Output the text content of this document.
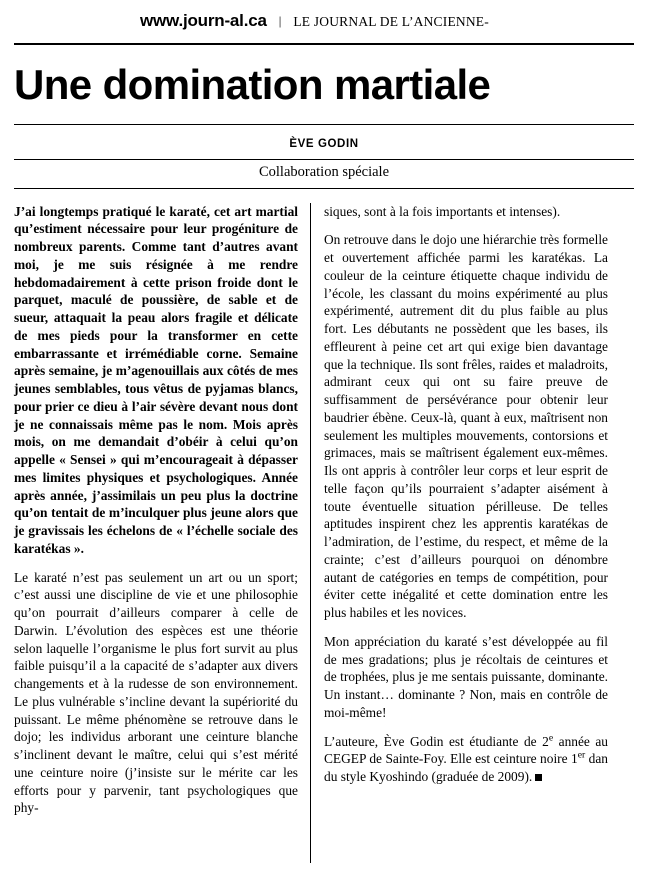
www.journ-al.ca | LE JOURNAL DE L’ANCIENNE-
Une domination martiale
ÈVE GODIN
Collaboration spéciale

J’ai longtemps pratiqué le karaté, cet art martial qu’estiment nécessaire pour leur progéniture de nombreux parents. Comme tant d’autres avant moi, je me suis résignée à me rendre hebdomadairement à cette prison froide dont le parquet, maculé de poussière, de sable et de sueur, attaquait la peau alors fragile et délicate de mes pieds pour la transformer en cette embarrassante et irrémédiable corne. Semaine après semaine, je m’agenouillais aux côtés de mes jeunes semblables, tous vêtus de pyjamas blancs, pour prier ce dieu à l’air sévère devant nous dont je ne connaissais même pas le nom. Mois après mois, on me demandait d’obéir à celui qu’on appelle « Sensei » qui m’encourageait à dépasser mes limites physiques et psychologiques. Année après année, j’assimilais un peu plus la doctrine qu’on tentait de m’inculquer plus jeune alors que je gravissais les échelons de « l’échelle sociale des karatékas ».

Le karaté n’est pas seulement un art ou un sport; c’est aussi une discipline de vie et une philosophie qu’on pourrait d’ailleurs comparer à celle de Darwin. L’évolution des espèces est une théorie selon laquelle l’organisme le plus fort survit au plus faible puisqu’il a la capacité de s’adapter aux divers changements et à la rudesse de son environnement. Le plus vulnérable s’incline devant la supériorité du puissant. Le même phénomène se retrouve dans le dojo; les individus arborant une ceinture blanche s’inclinent devant le maître, celui qui s’est mérité une ceinture noire (j’insiste sur le mérite car les efforts pour y parvenir, tant psychologiques que phy-

siques, sont à la fois importants et intenses).

On retrouve dans le dojo une hiérarchie très formelle et ouvertement affichée parmi les karatékas. La couleur de la ceinture étiquette chaque individu de l’école, les classant du moins expérimenté au plus expérimenté, autrement dit du plus faible au plus fort. Les débutants ne possèdent que les bases, ils effleurent à peine cet art qui exige bien davantage que la technique. Ils sont frêles, raides et maladroits, admirant ceux qui ont su faire preuve de suffisamment de persévérance pour obtenir leur baudrier ébène. Ceux-là, quant à eux, maîtrisent non seulement les multiples mouvements, contorsions et grimaces, mais se maîtrisent également eux-mêmes. Ils ont appris à contrôler leur corps et leur esprit de telle façon qu’ils pourraient s’adapter aisément à toute éventuelle situation périlleuse. De telles aptitudes inspirent chez les apprentis karatékas de l’admiration, de l’estime, du respect, et même de la crainte; c’est d’ailleurs pourquoi on dénombre autant de catégories en temps de compétition, pour éviter cette inégalité et cette domination entre les plus habiles et les novices.

Mon appréciation du karaté s’est développée au fil de mes gradations; plus je récoltais de ceintures et de trophées, plus je me sentais puissante, dominante. Un instant… dominante ? Non, mais en contrôle de moi-même!

L’auteure, Ève Godin est étudiante de 2e année au CEGEP de Sainte-Foy. Elle est ceinture noire 1er dan du style Kyoshindo (graduée de 2009).
